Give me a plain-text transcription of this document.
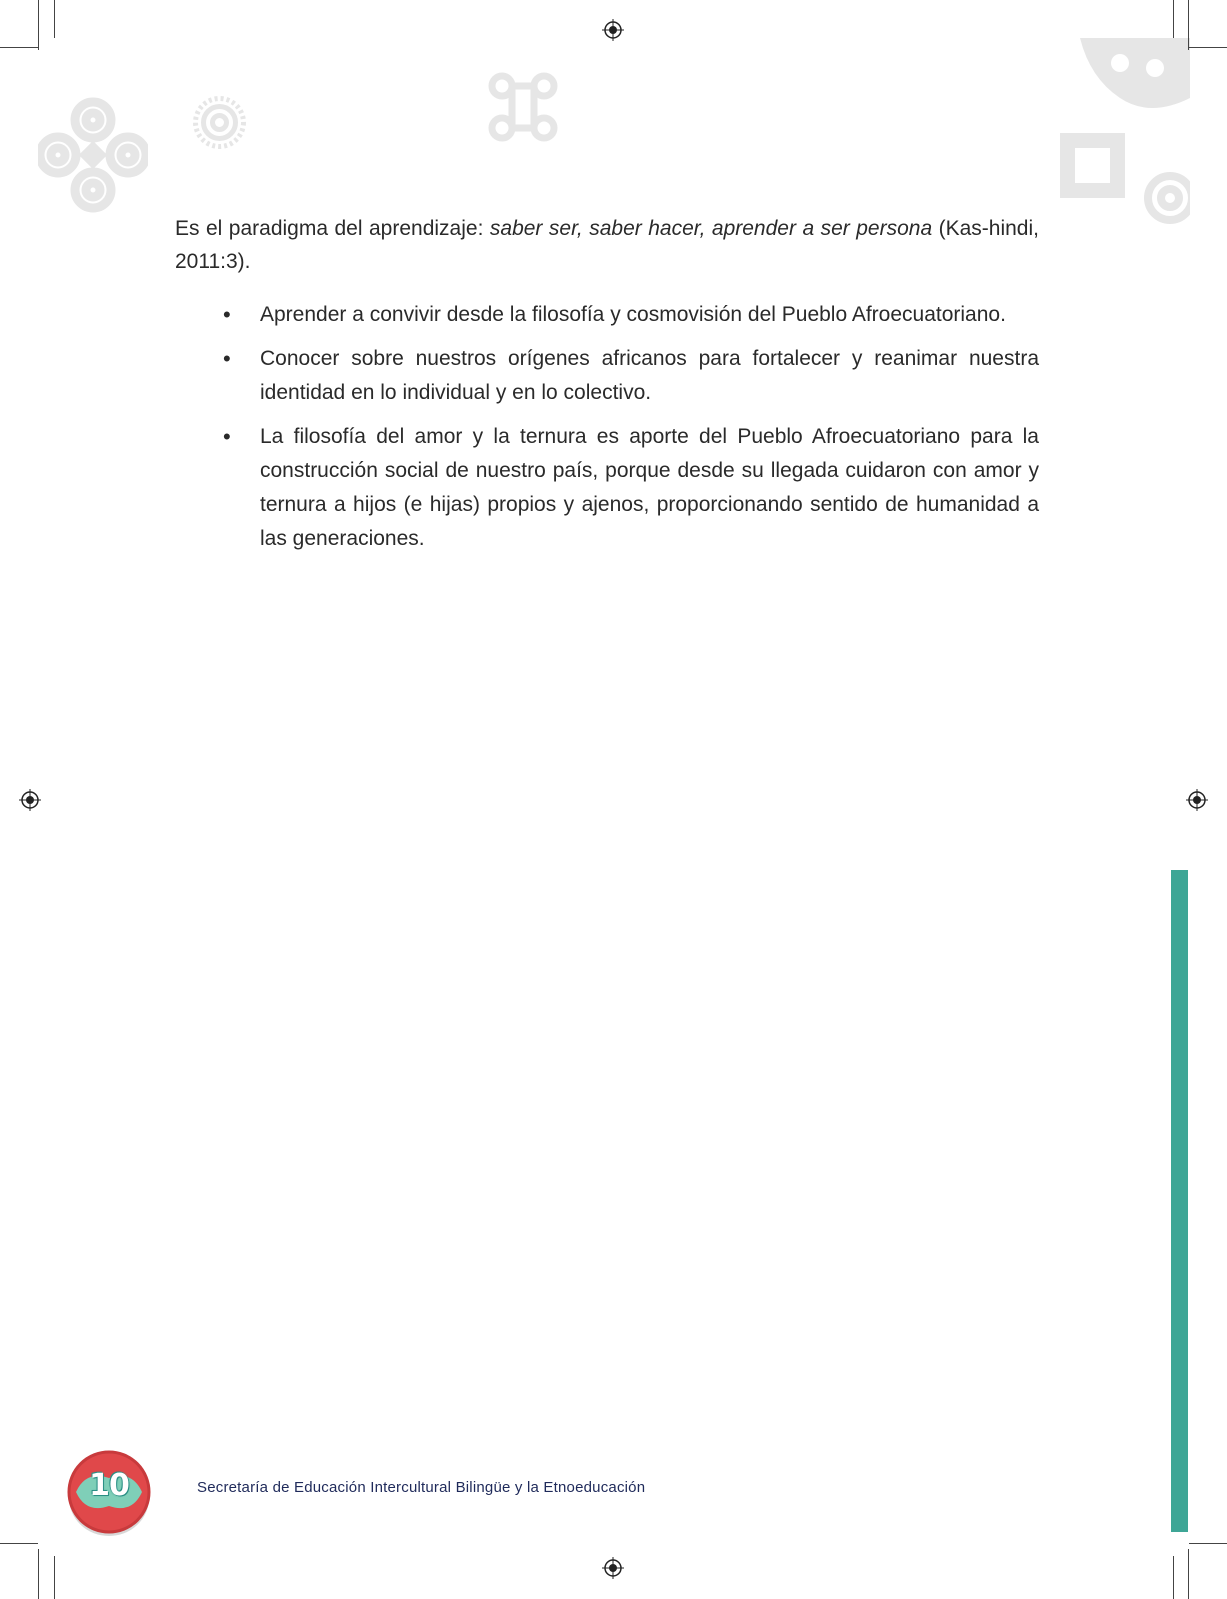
Es el paradigma del aprendizaje: saber ser, saber hacer, aprender a ser persona (Kas-hindi, 2011:3).

• Aprender a convivir desde la filosofía y cosmovisión del Pueblo Afroecuatoriano.
• Conocer sobre nuestros orígenes africanos para fortalecer y reanimar nuestra identidad en lo individual y en lo colectivo.
• La filosofía del amor y la ternura es aporte del Pueblo Afroecuatoriano para la construcción social de nuestro país, porque desde su llegada cuidaron con amor y ternura a hijos (e hijas) propios y ajenos, proporcionando sentido de humanidad a las generaciones.
10	Secretaría de Educación Intercultural Bilingüe y la Etnoeducación
